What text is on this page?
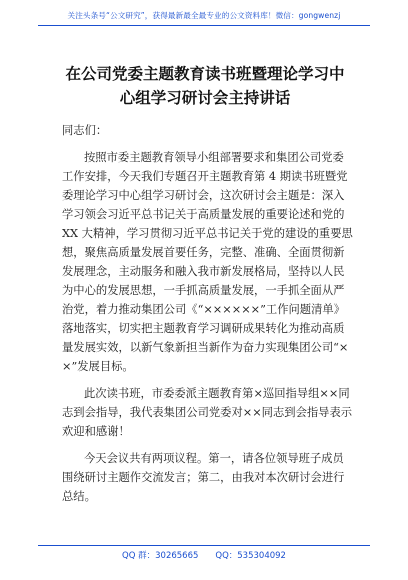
关注头条号“公文研究”，获得最新最全最专业的公文资料库！微信：gongwenzj
在公司党委主题教育读书班暨理论学习中
心组学习研讨会主持讲话
同志们：
按照市委主题教育领导小组部署要求和集团公司党委
工作安排，今天我们专题召开主题教育第 4 期读书班暨党
委理论学习中心组学习研讨会，这次研讨会主题是：深入
学习领会习近平总书记关于高质量发展的重要论述和党的
XX 大精神，学习贯彻习近平总书记关于党的建设的重要思
想，聚焦高质量发展首要任务，完整、准确、全面贯彻新
发展理念，主动服务和融入我市新发展格局，坚持以人民
为中心的发展思想，一手抓高质量发展，一手抓全面从严
治党，着力推动集团公司《“××××××”工作问题清单》
落地落实，切实把主题教育学习调研成果转化为推动高质
量发展实效，以新气象新担当新作为奋力实现集团公司“×
×”发展目标。
此次读书班，市委委派主题教育第×巡回指导组××同
志到会指导，我代表集团公司党委对××同志到会指导表示
欢迎和感谢！
今天会议共有两项议程。第一，请各位领导班子成员
围绕研讨主题作交流发言；第二，由我对本次研讨会进行
总结。
QQ 群：30265665　　QQ：535304092
